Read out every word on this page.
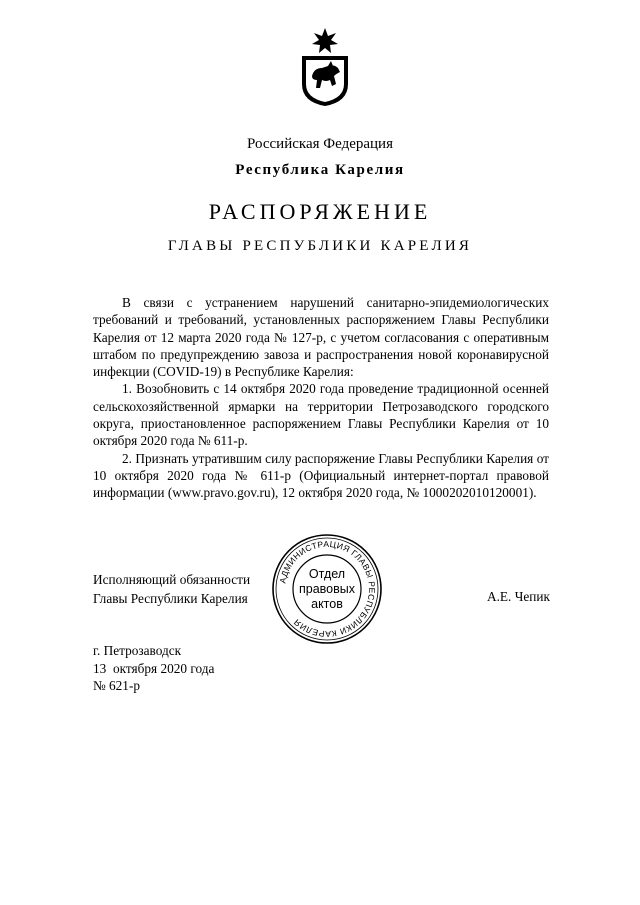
Российская Федерация
Республика Карелия
РАСПОРЯЖЕНИЕ
ГЛАВЫ РЕСПУБЛИКИ КАРЕЛИЯ

В связи с устранением нарушений санитарно-эпидемиологических требований и требований, установленных распоряжением Главы Республики Карелия от 12 марта 2020 года № 127-р, с учетом согласования с оперативным штабом по предупреждению завоза и распространения новой коронавирусной инфекции (COVID-19) в Республике Карелия:

1. Возобновить с 14 октября 2020 года проведение традиционной осенней сельскохозяйственной ярмарки на территории Петрозаводского городского округа, приостановленное распоряжением Главы Республики Карелия от 10 октября 2020 года № 611-р.

2. Признать утратившим силу распоряжение Главы Республики Карелия от 10 октября 2020 года № 611-р (Официальный интернет-портал правовой информации (www.pravo.gov.ru), 12 октября 2020 года, № 1000202010120001).

Исполняющий обязанности
Главы Республики Карелия	А.Е. Чепик
АДМИНИСТРАЦИЯ ГЛАВЫ РЕСПУБЛИКИ КАРЕЛИЯ
Отдел
правовых
актов
г. Петрозаводск
13  октября 2020 года
№ 621-р
